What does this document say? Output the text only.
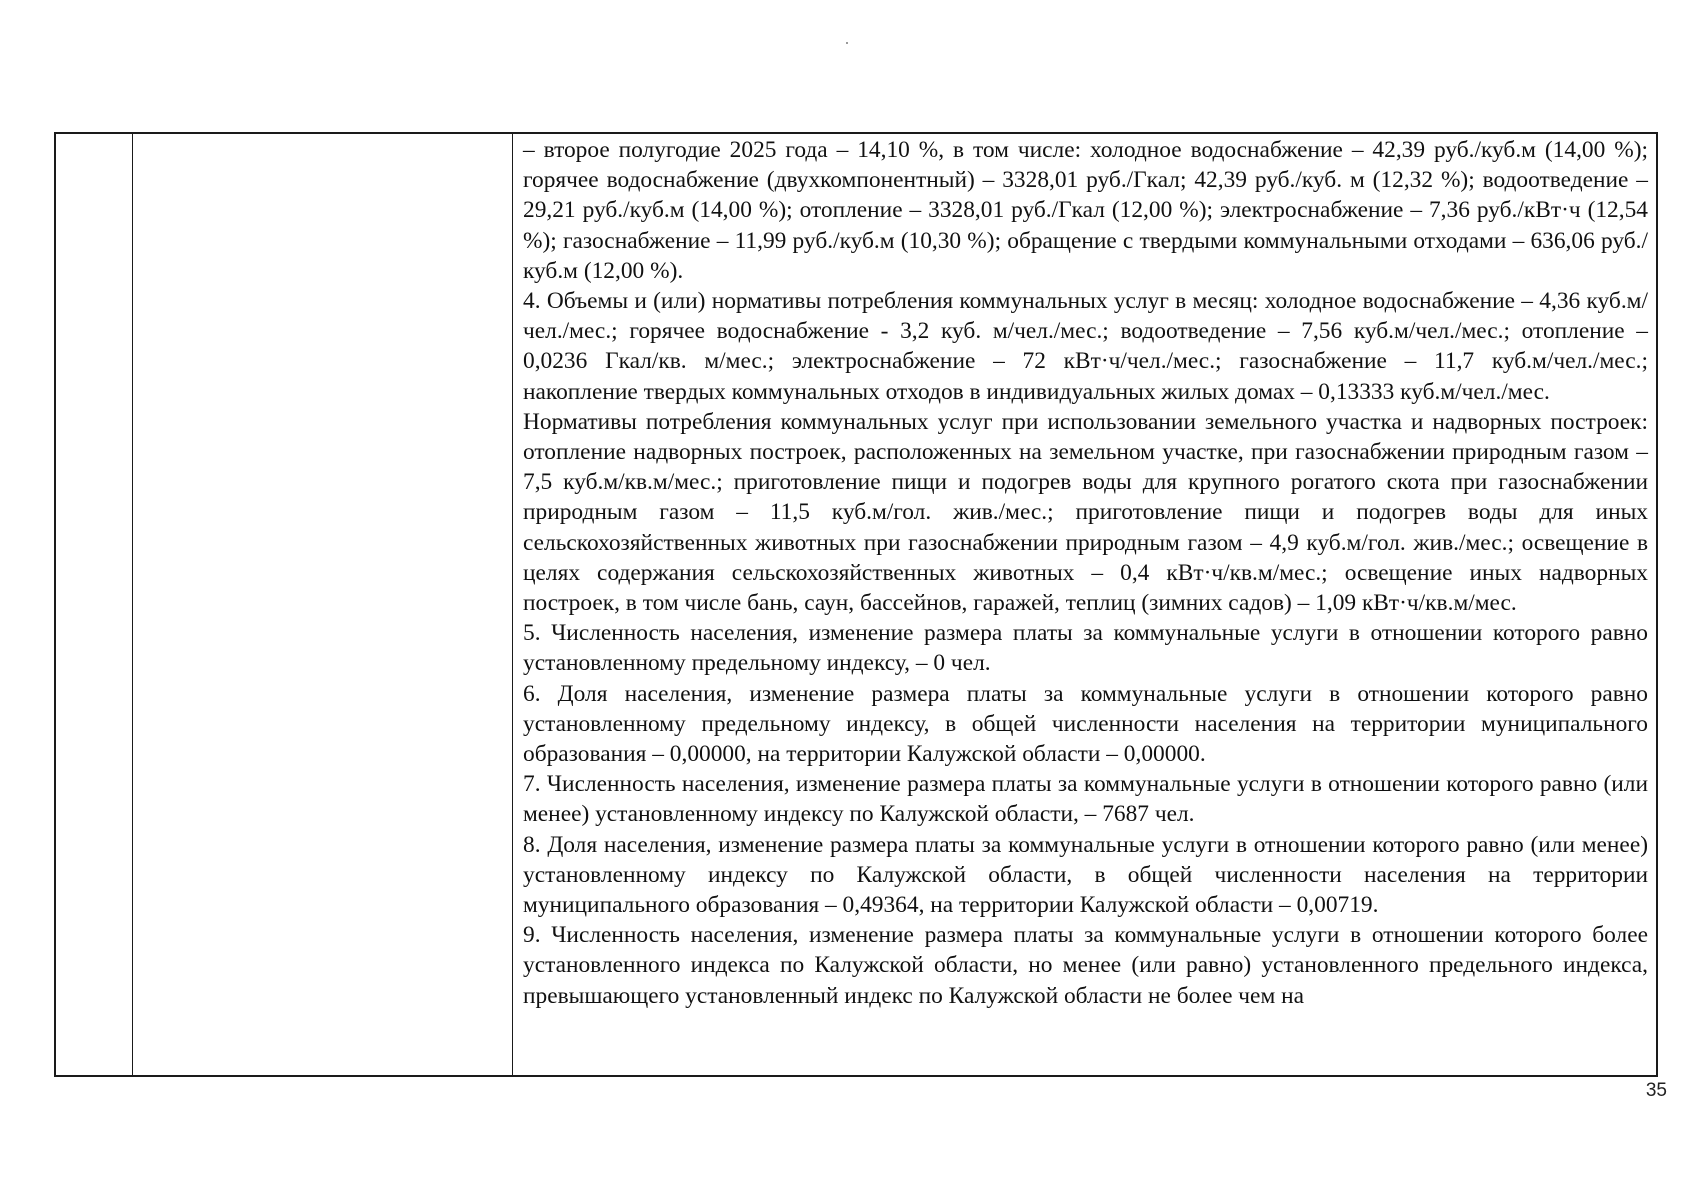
– второе полугодие 2025 года – 14,10 %, в том числе: холодное водоснабжение – 42,39 руб./куб.м (14,00 %); горячее водоснабжение (двухкомпонентный) – 3328,01 руб./Гкал; 42,39 руб./куб. м (12,32 %); водоотведение – 29,21 руб./куб.м (14,00 %); отопление – 3328,01 руб./Гкал (12,00 %); электроснабжение – 7,36 руб./кВт·ч (12,54 %); газоснабжение – 11,99 руб./куб.м (10,30 %); обращение с твердыми коммунальными отходами – 636,06 руб./куб.м (12,00 %).

4. Объемы и (или) нормативы потребления коммунальных услуг в месяц: холодное водоснабжение – 4,36 куб.м/чел./мес.; горячее водоснабжение - 3,2 куб. м/чел./мес.; водоотведение – 7,56 куб.м/чел./мес.; отопление – 0,0236 Гкал/кв. м/мес.; электроснабжение – 72 кВт·ч/чел./мес.; газоснабжение – 11,7 куб.м/чел./мес.; накопление твердых коммунальных отходов в индивидуальных жилых домах – 0,13333 куб.м/чел./мес.

Нормативы потребления коммунальных услуг при использовании земельного участка и надворных построек: отопление надворных построек, расположенных на земельном участке, при газоснабжении природным газом – 7,5 куб.м/кв.м/мес.; приготовление пищи и подогрев воды для крупного рогатого скота при газоснабжении природным газом – 11,5 куб.м/гол. жив./мес.; приготовление пищи и подогрев воды для иных сельскохозяйственных животных при газоснабжении природным газом – 4,9 куб.м/гол. жив./мес.; освещение в целях содержания сельскохозяйственных животных – 0,4 кВт·ч/кв.м/мес.; освещение иных надворных построек, в том числе бань, саун, бассейнов, гаражей, теплиц (зимних садов) – 1,09 кВт·ч/кв.м/мес.

5. Численность населения, изменение размера платы за коммунальные услуги в отношении которого равно установленному предельному индексу, – 0 чел.

6. Доля населения, изменение размера платы за коммунальные услуги в отношении которого равно установленному предельному индексу, в общей численности населения на территории муниципального образования – 0,00000, на территории Калужской области – 0,00000.

7. Численность населения, изменение размера платы за коммунальные услуги в отношении которого равно (или менее) установленному индексу по Калужской области, – 7687 чел.

8. Доля населения, изменение размера платы за коммунальные услуги в отношении которого равно (или менее) установленному индексу по Калужской области, в общей численности населения на территории муниципального образования – 0,49364, на территории Калужской области – 0,00719.

9. Численность населения, изменение размера платы за коммунальные услуги в отношении которого более установленного индекса по Калужской области, но менее (или равно) установленного предельного индекса, превышающего установленный индекс по Калужской области не более чем на

35
